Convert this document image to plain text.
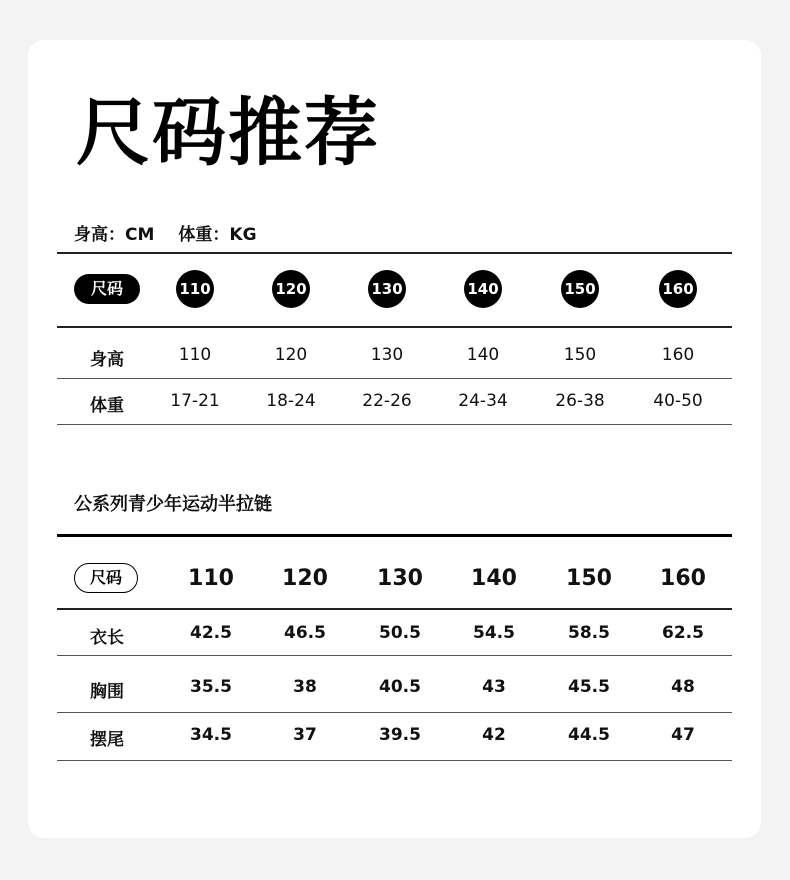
尺码推荐
身高：CM 体重：KG
尺码	110	120	130	140	150	160
身高	110	120	130	140	150	160
体重	17-21	18-24	22-26	24-34	26-38	40-50
公系列青少年运动半拉链
尺码	110 120 130 140 150 160
衣长	42.5	46.5	50.5	54.5	58.5	62.5
胸围	35.5	38	40.5	43	45.5	48
摆尾	34.5	37	39.5	42	44.5	47
